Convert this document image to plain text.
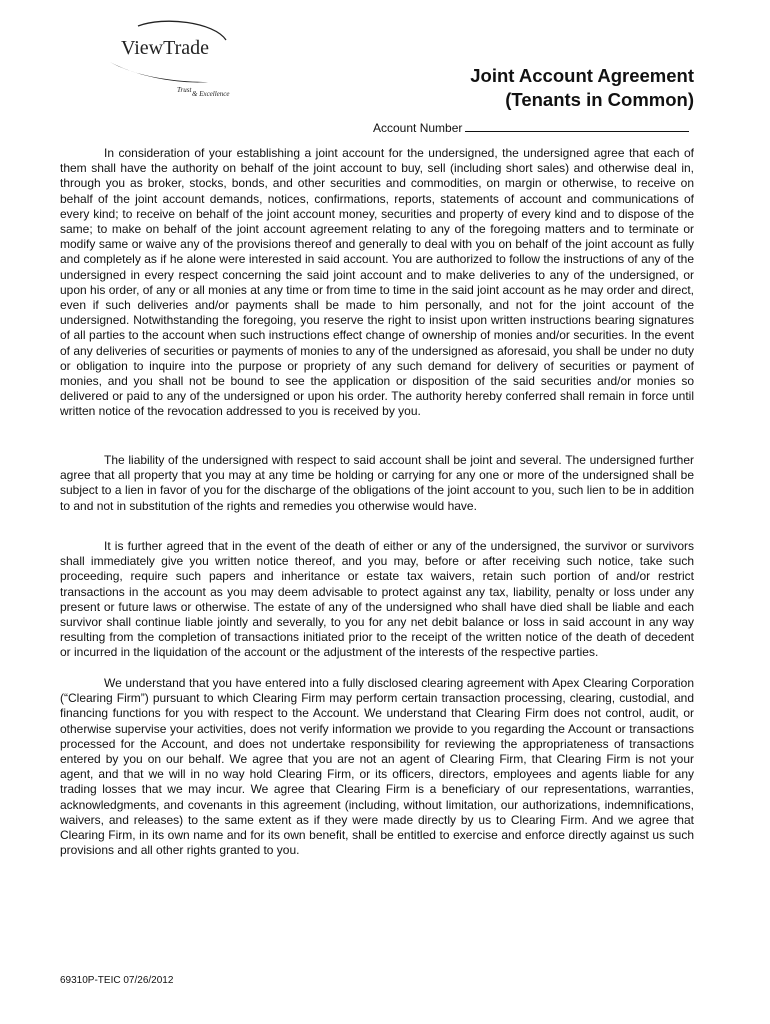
ViewTrade
Trust & Excellence
Joint Account Agreement
(Tenants in Common)
Account Number

In consideration of your establishing a joint account for the undersigned, the undersigned agree that each of them shall have the authority on behalf of the joint account to buy, sell (including short sales) and otherwise deal in, through you as broker, stocks, bonds, and other securities and commodities, on margin or otherwise, to receive on behalf of the joint account demands, notices, confirmations, reports, statements of account and communications of every kind; to receive on behalf of the joint account money, securities and property of every kind and to dispose of the same; to make on behalf of the joint account agreement relating to any of the foregoing matters and to terminate or modify same or waive any of the provisions thereof and generally to deal with you on behalf of the joint account as fully and completely as if he alone were interested in said account. You are authorized to follow the instructions of any of the undersigned in every respect concerning the said joint account and to make deliveries to any of the undersigned, or upon his order, of any or all monies at any time or from time to time in the said joint account as he may order and direct, even if such deliveries and/or payments shall be made to him personally, and not for the joint account of the undersigned. Notwithstanding the foregoing, you reserve the right to insist upon written instructions bearing signatures of all parties to the account when such instructions effect change of ownership of monies and/or securities. In the event of any deliveries of securities or payments of monies to any of the undersigned as aforesaid, you shall be under no duty or obligation to inquire into the purpose or propriety of any such demand for delivery of securities or payment of monies, and you shall not be bound to see the application or disposition of the said securities and/or monies so delivered or paid to any of the undersigned or upon his order. The authority hereby conferred shall remain in force until written notice of the revocation addressed to you is received by you.

The liability of the undersigned with respect to said account shall be joint and several. The undersigned further agree that all property that you may at any time be holding or carrying for any one or more of the undersigned shall be subject to a lien in favor of you for the discharge of the obligations of the joint account to you, such lien to be in addition to and not in substitution of the rights and remedies you otherwise would have.

It is further agreed that in the event of the death of either or any of the undersigned, the survivor or survivors shall immediately give you written notice thereof, and you may, before or after receiving such notice, take such proceeding, require such papers and inheritance or estate tax waivers, retain such portion of and/or restrict transactions in the account as you may deem advisable to protect against any tax, liability, penalty or loss under any present or future laws or otherwise. The estate of any of the undersigned who shall have died shall be liable and each survivor shall continue liable jointly and severally, to you for any net debit balance or loss in said account in any way resulting from the completion of transactions initiated prior to the receipt of the written notice of the death of decedent or incurred in the liquidation of the account or the adjustment of the interests of the respective parties.

We understand that you have entered into a fully disclosed clearing agreement with Apex Clearing Corporation (“Clearing Firm”) pursuant to which Clearing Firm may perform certain transaction processing, clearing, custodial, and financing functions for you with respect to the Account. We understand that Clearing Firm does not control, audit, or otherwise supervise your activities, does not verify information we provide to you regarding the Account or transactions processed for the Account, and does not undertake responsibility for reviewing the appropriateness of transactions entered by you on our behalf. We agree that you are not an agent of Clearing Firm, that Clearing Firm is not your agent, and that we will in no way hold Clearing Firm, or its officers, directors, employees and agents liable for any trading losses that we may incur. We agree that Clearing Firm is a beneficiary of our representations, warranties, acknowledgments, and covenants in this agreement (including, without limitation, our authorizations, indemnifications, waivers, and releases) to the same extent as if they were made directly by us to Clearing Firm. And we agree that Clearing Firm, in its own name and for its own benefit, shall be entitled to exercise and enforce directly against us such provisions and all other rights granted to you.

69310P-TEIC 07/26/2012
